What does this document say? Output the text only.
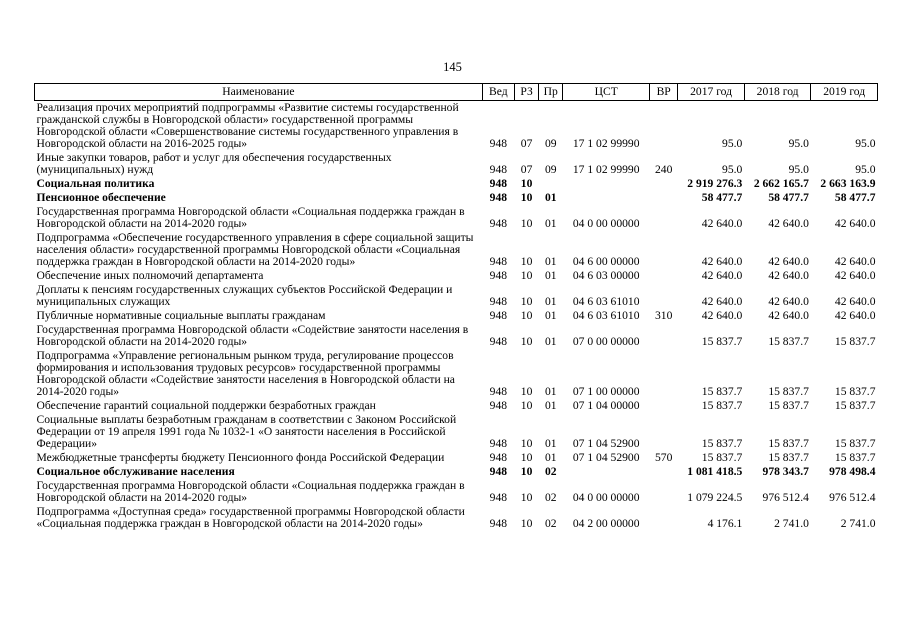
145
Наименование	Вед	РЗ	Пр	ЦСТ	ВР	2017 год	2018 год	2019 год
Реализация прочих мероприятий подпрограммы «Развитие системы государственной гражданской службы в Новгородской области» государственной программы Новгородской области «Совершенствование системы государственного управления в Новгородской области на 2016-2025 годы»	948	07	09	17 1 02 99990		95.0	95.0	95.0
Иные закупки товаров, работ и услуг для обеспечения государственных (муниципальных) нужд	948	07	09	17 1 02 99990	240	95.0	95.0	95.0
Социальная политика	948	10				2 919 276.3	2 662 165.7	2 663 163.9
Пенсионное обеспечение	948	10	01			58 477.7	58 477.7	58 477.7
Государственная программа Новгородской области «Социальная поддержка граждан в Новгородской области на 2014-2020 годы»	948	10	01	04 0 00 00000		42 640.0	42 640.0	42 640.0
Подпрограмма «Обеспечение государственного управления в сфере социальной защиты населения области» государственной программы Новгородской области «Социальная поддержка граждан в Новгородской области на 2014-2020 годы»	948	10	01	04 6 00 00000		42 640.0	42 640.0	42 640.0
Обеспечение иных полномочий департамента	948	10	01	04 6 03 00000		42 640.0	42 640.0	42 640.0
Доплаты к пенсиям государственных служащих субъектов Российской Федерации и муниципальных служащих	948	10	01	04 6 03 61010		42 640.0	42 640.0	42 640.0
Публичные нормативные социальные выплаты гражданам	948	10	01	04 6 03 61010	310	42 640.0	42 640.0	42 640.0
Государственная программа Новгородской области «Содействие занятости населения в Новгородской области на 2014-2020 годы»	948	10	01	07 0 00 00000		15 837.7	15 837.7	15 837.7
Подпрограмма «Управление региональным рынком труда, регулирование процессов формирования и использования трудовых ресурсов» государственной программы Новгородской области «Содействие занятости населения в Новгородской области на 2014-2020 годы»	948	10	01	07 1 00 00000		15 837.7	15 837.7	15 837.7
Обеспечение гарантий социальной поддержки безработных граждан	948	10	01	07 1 04 00000		15 837.7	15 837.7	15 837.7
Социальные выплаты безработным гражданам в соответствии с Законом Российской Федерации от 19 апреля 1991 года № 1032-1 «О занятости населения в Российской Федерации»	948	10	01	07 1 04 52900		15 837.7	15 837.7	15 837.7
Межбюджетные трансферты бюджету Пенсионного фонда Российской Федерации	948	10	01	07 1 04 52900	570	15 837.7	15 837.7	15 837.7
Социальное обслуживание населения	948	10	02			1 081 418.5	978 343.7	978 498.4
Государственная программа Новгородской области «Социальная поддержка граждан в Новгородской области на 2014-2020 годы»	948	10	02	04 0 00 00000		1 079 224.5	976 512.4	976 512.4
Подпрограмма «Доступная среда» государственной программы Новгородской области «Социальная поддержка граждан в Новгородской области на 2014-2020 годы»	948	10	02	04 2 00 00000		4 176.1	2 741.0	2 741.0
